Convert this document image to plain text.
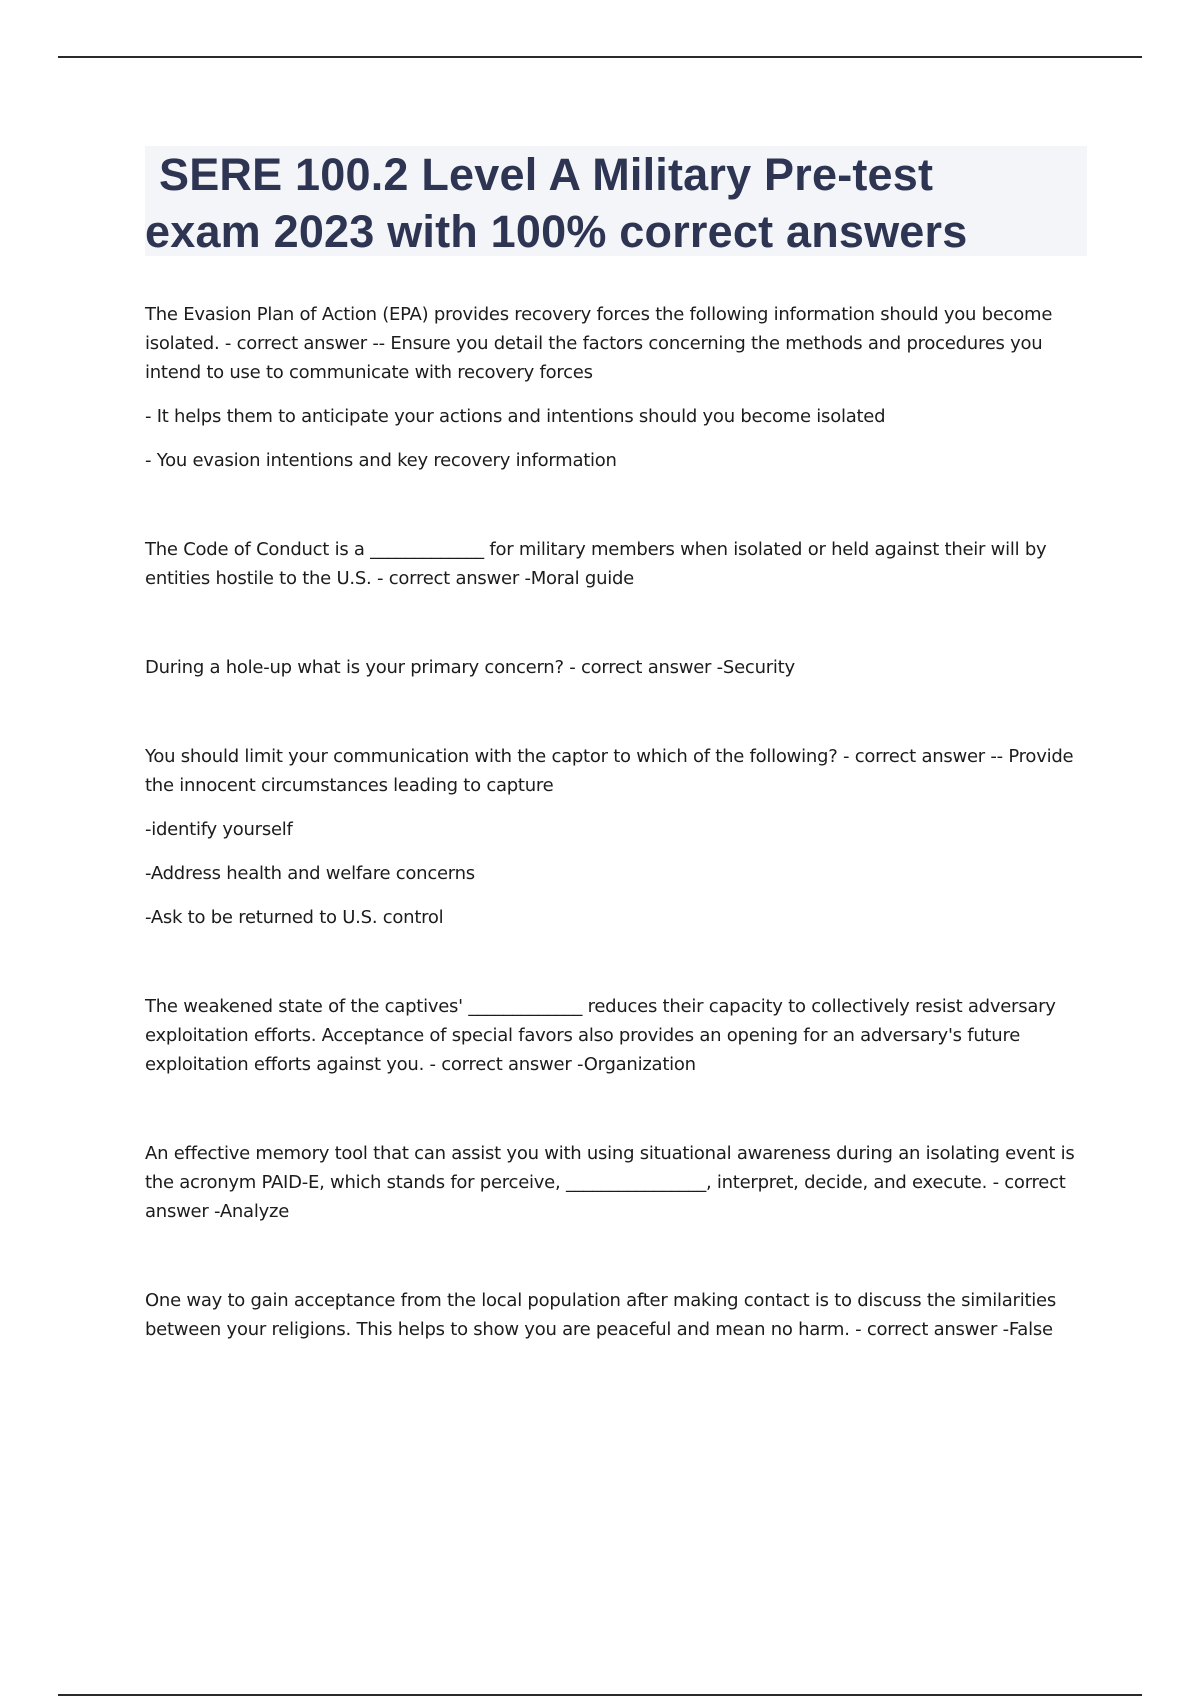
SERE 100.2 Level A Military Pre-test
exam 2023 with 100% correct answers

The Evasion Plan of Action (EPA) provides recovery forces the following information should you become isolated. - correct answer -- Ensure you detail the factors concerning the methods and procedures you intend to use to communicate with recovery forces

- It helps them to anticipate your actions and intentions should you become isolated

- You evasion intentions and key recovery information

The Code of Conduct is a _____________ for military members when isolated or held against their will by entities hostile to the U.S. - correct answer -Moral guide

During a hole-up what is your primary concern? - correct answer -Security

You should limit your communication with the captor to which of the following? - correct answer -- Provide the innocent circumstances leading to capture

-identify yourself

-Address health and welfare concerns

-Ask to be returned to U.S. control

The weakened state of the captives' _____________ reduces their capacity to collectively resist adversary exploitation efforts. Acceptance of special favors also provides an opening for an adversary's future exploitation efforts against you. - correct answer -Organization

An effective memory tool that can assist you with using situational awareness during an isolating event is the acronym PAID-E, which stands for perceive, ________________, interpret, decide, and execute. - correct answer -Analyze

One way to gain acceptance from the local population after making contact is to discuss the similarities between your religions. This helps to show you are peaceful and mean no harm. - correct answer -False
